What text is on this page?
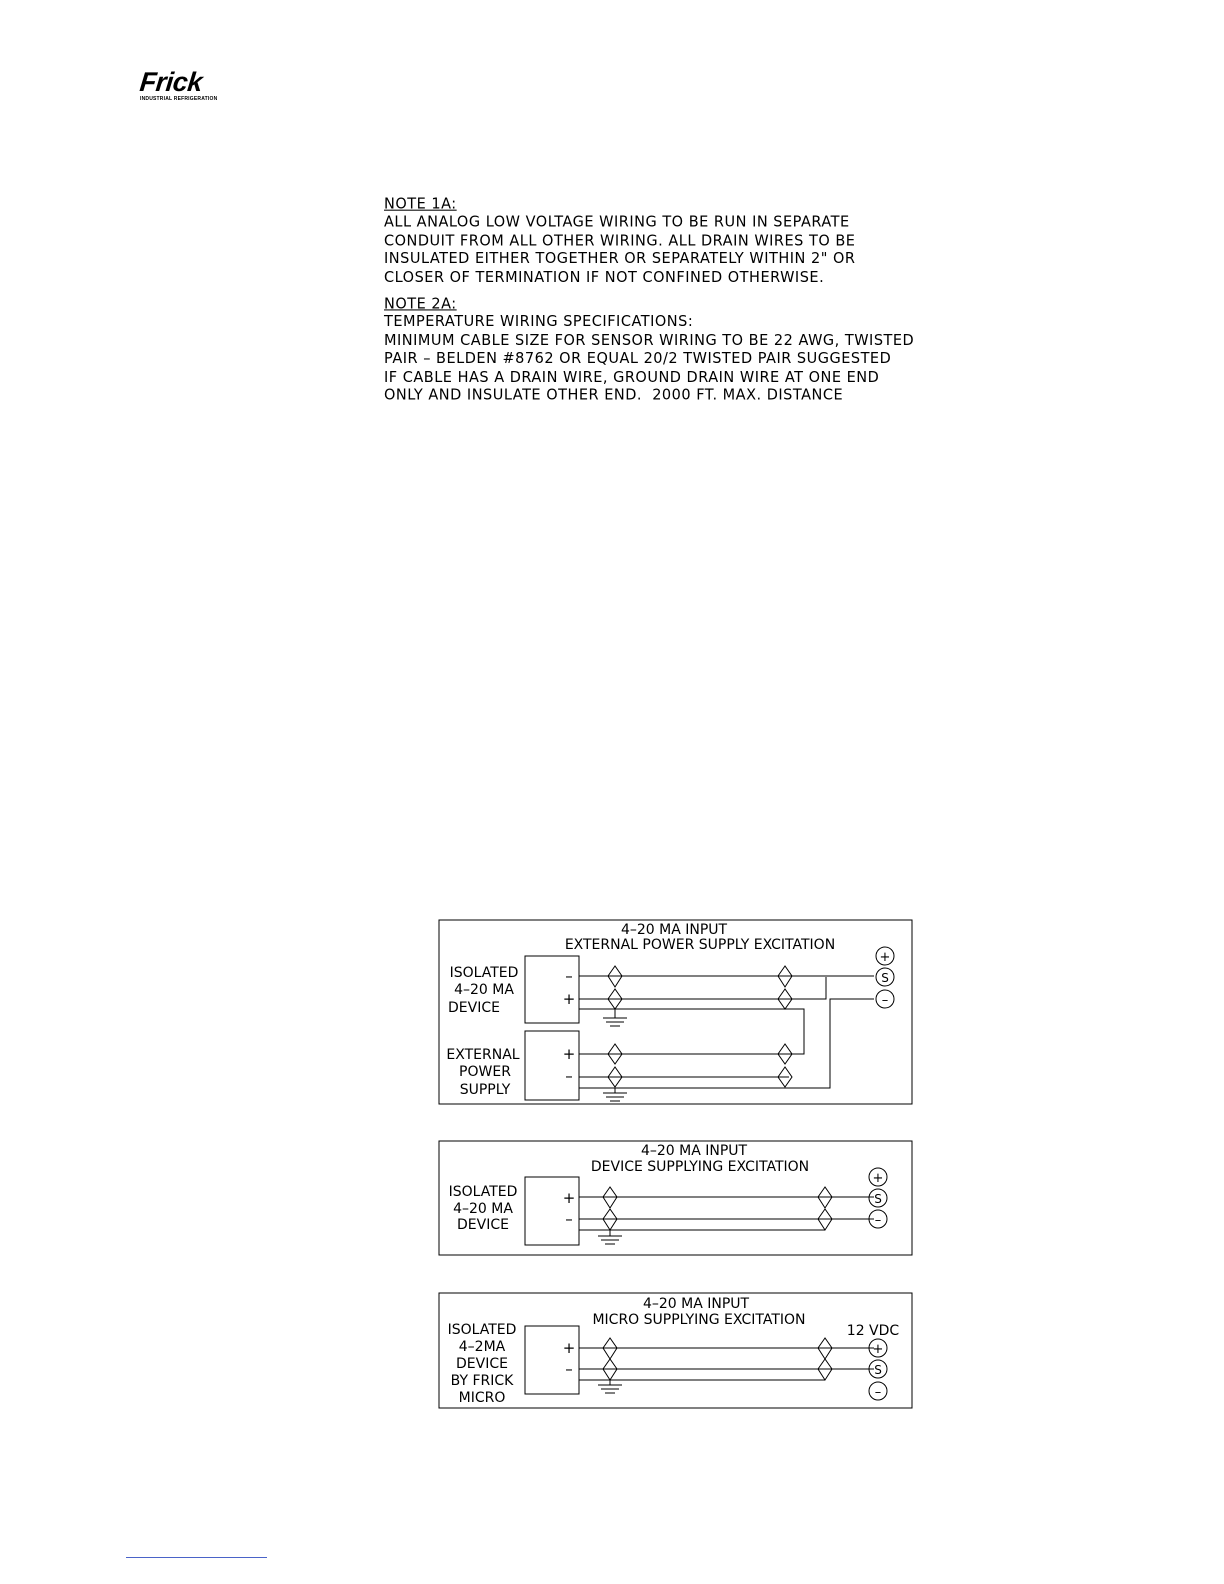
Frick
INDUSTRIAL REFRIGERATION
NOTE 1A:
ALL ANALOG LOW VOLTAGE WIRING TO BE RUN IN SEPARATE
CONDUIT FROM ALL OTHER WIRING. ALL DRAIN WIRES TO BE
INSULATED EITHER TOGETHER OR SEPARATELY WITHIN 2" OR
CLOSER OF TERMINATION IF NOT CONFINED OTHERWISE.
NOTE 2A:
TEMPERATURE WIRING SPECIFICATIONS:
MINIMUM CABLE SIZE FOR SENSOR WIRING TO BE 22 AWG, TWISTED
PAIR – BELDEN #8762 OR EQUAL 20/2 TWISTED PAIR SUGGESTED
IF CABLE HAS A DRAIN WIRE, GROUND DRAIN WIRE AT ONE END
ONLY AND INSULATE OTHER END.  2000 FT. MAX. DISTANCE
4–20 MA INPUT
EXTERNAL POWER SUPPLY EXCITATION
ISOLATED
4–20 MA
DEVICE
EXTERNAL
POWER
SUPPLY
–
+
+
–
+
S
–
4–20 MA INPUT
DEVICE SUPPLYING EXCITATION
ISOLATED
4–20 MA
DEVICE
+
–
+
S
–
4–20 MA INPUT
MICRO SUPPLYING EXCITATION
12 VDC
ISOLATED
4–2MA
DEVICE
BY FRICK
MICRO
+
–
+
S
–
